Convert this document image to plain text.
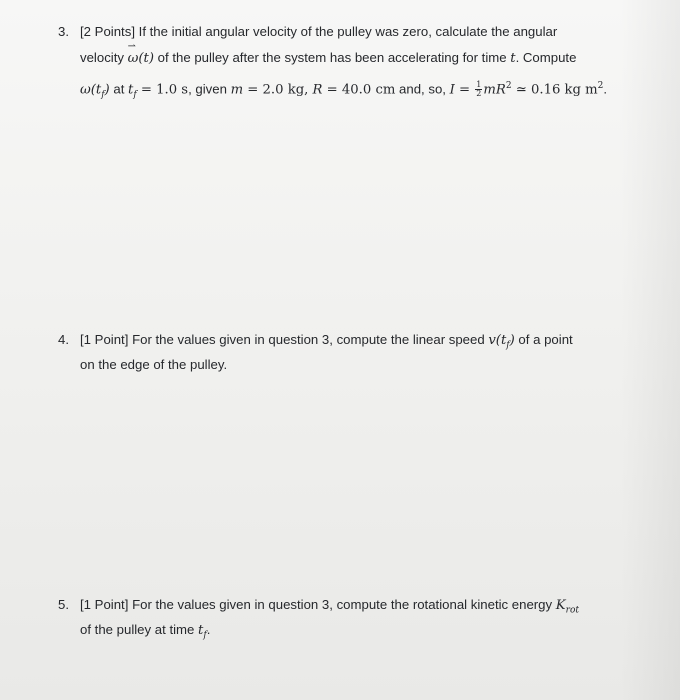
3. [2 Points] If the initial angular velocity of the pulley was zero, calculate the angular
velocity ⇀ ω(t) of the pulley after the system has been accelerating for time t. Compute
$\omega(t_f)$ at $t_f = 1.0$ s, given m = 2.0 kg, R = 40.0 cm and, so, $I = \frac{1}{2} mR^2$ ≃ 0.16 kg $m^2$.
4. [1 Point] For the values given in question 3, compute the linear speed $v(t_f)$ of a point
on the edge of the pulley.
5. [1 Point] For the values given in question 3, compute the rotational kinetic energy $K_{rot}$
of the pulley at time $t_f$.
